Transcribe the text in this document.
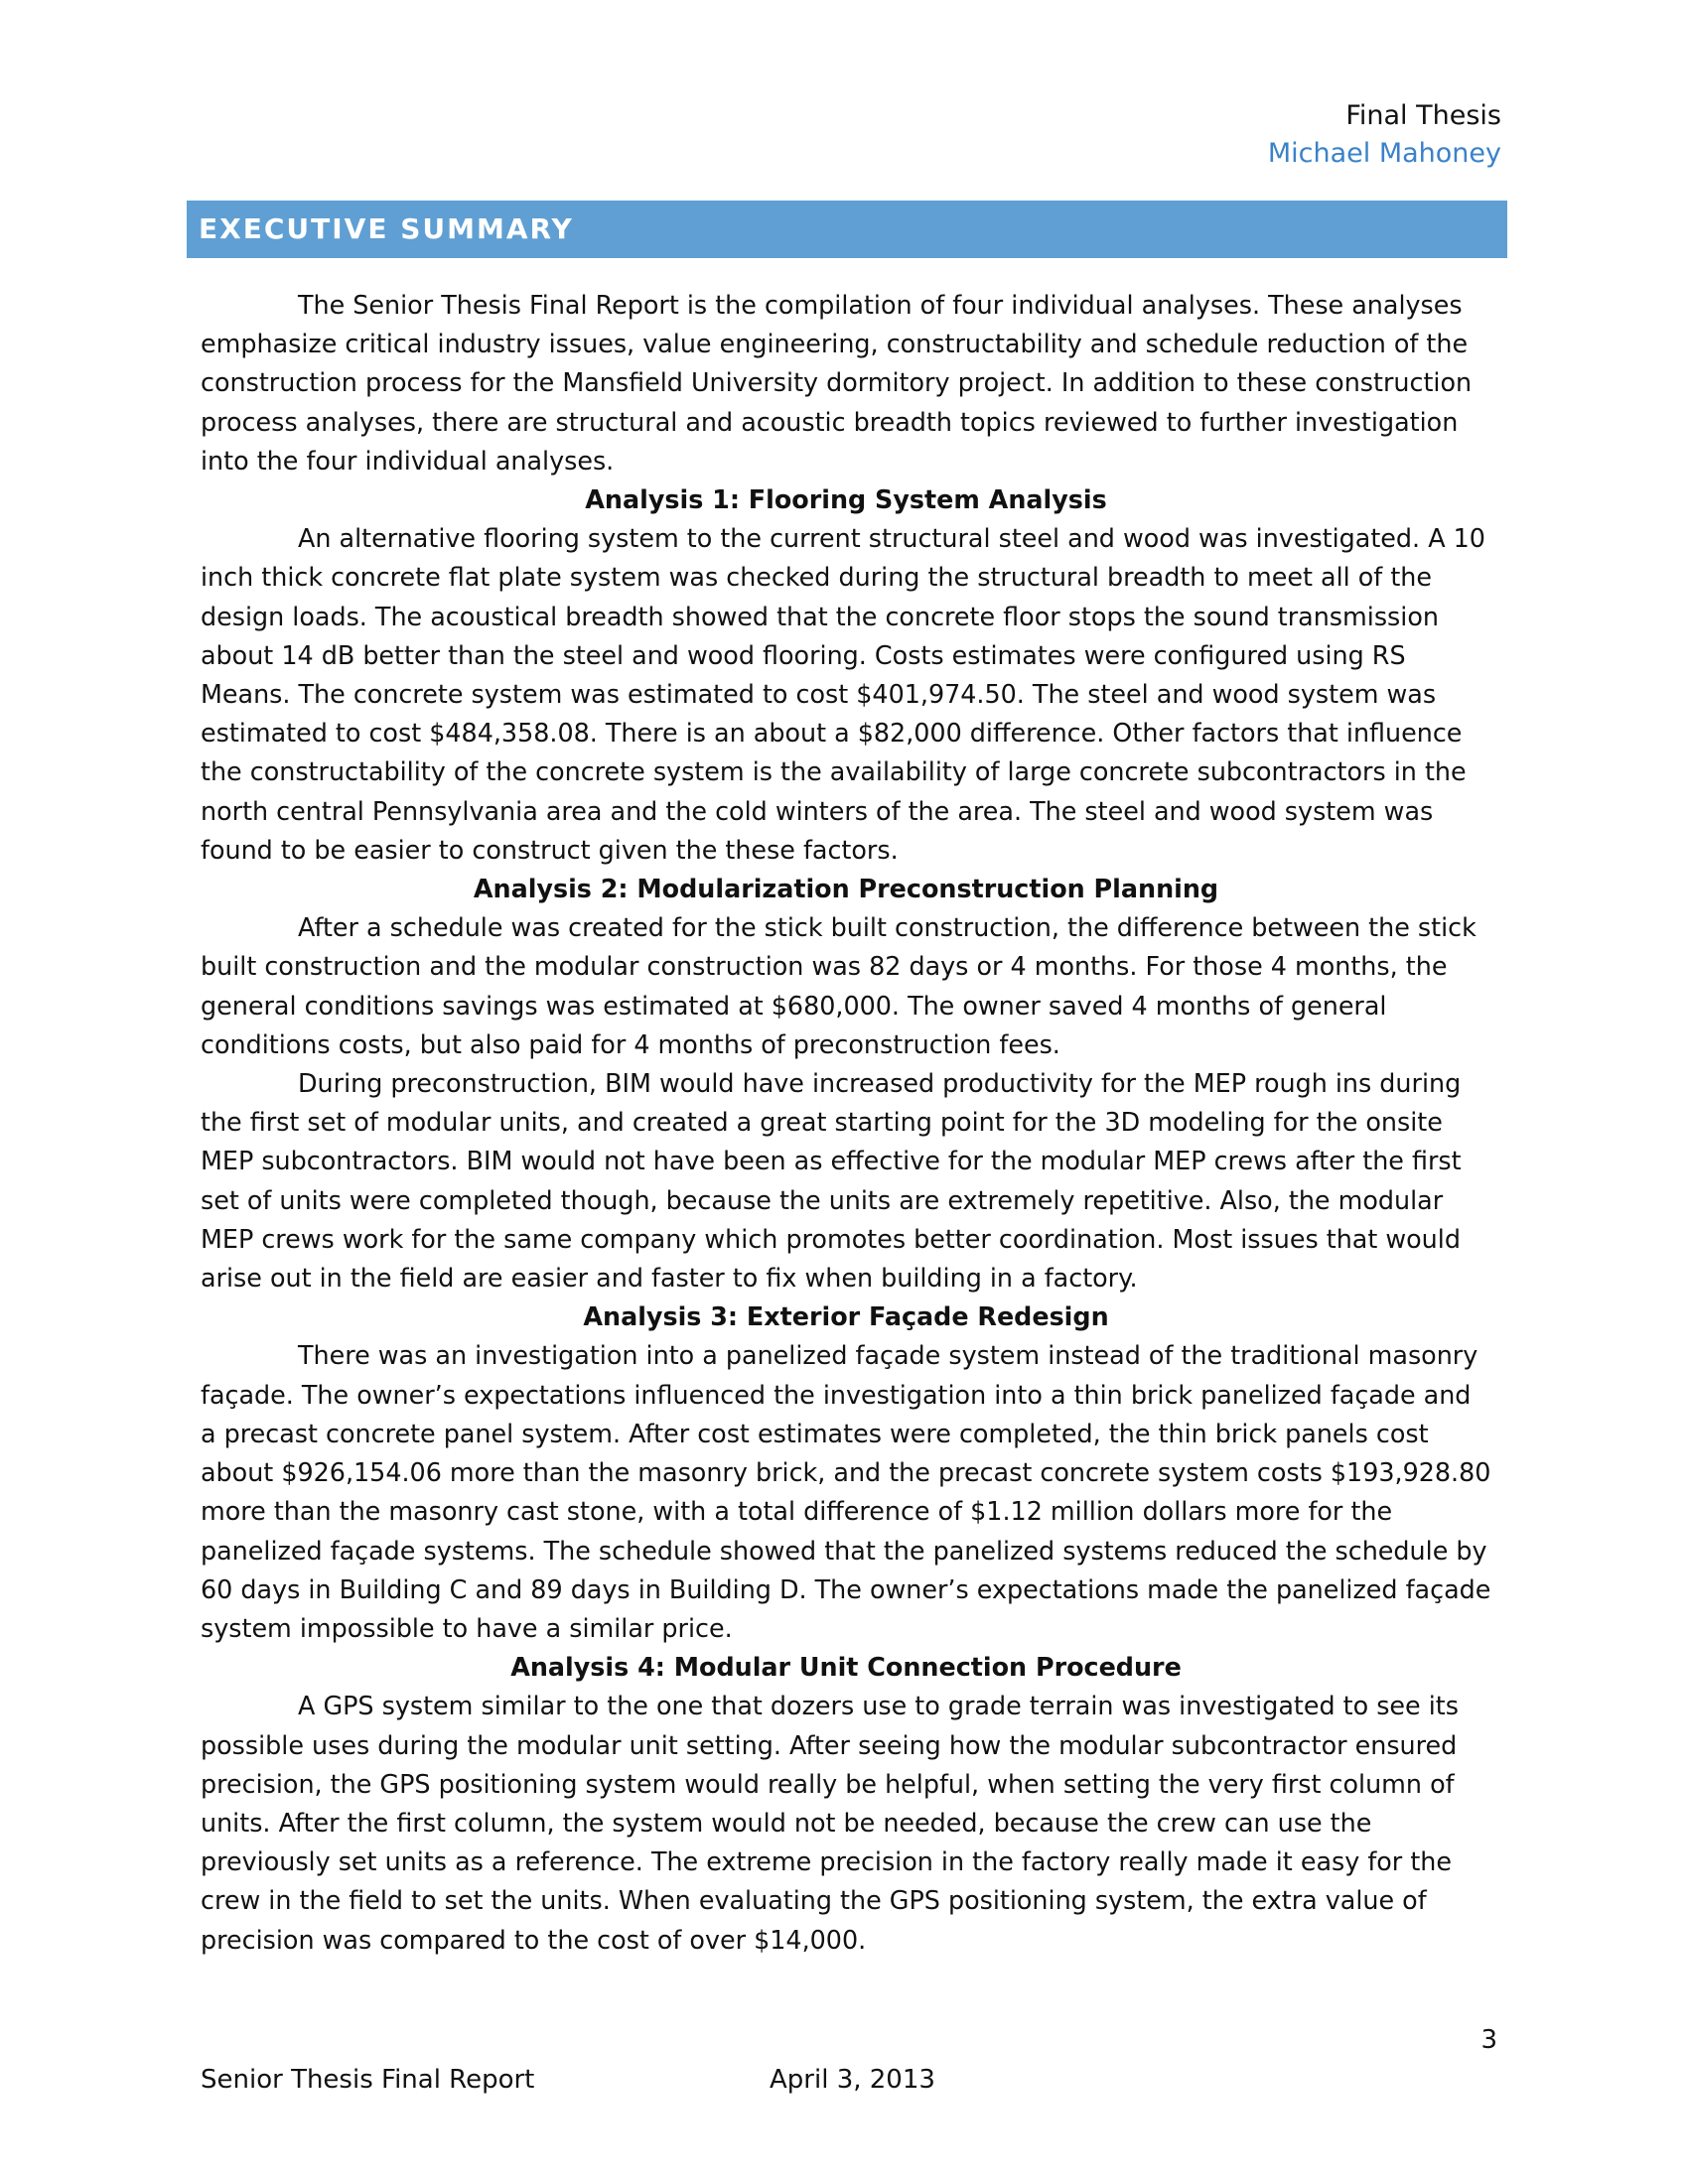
Final Thesis
Michael Mahoney
EXECUTIVE SUMMARY

The Senior Thesis Final Report is the compilation of four individual analyses. These analyses emphasize critical industry issues, value engineering, constructability and schedule reduction of the construction process for the Mansfield University dormitory project. In addition to these construction process analyses, there are structural and acoustic breadth topics reviewed to further investigation into the four individual analyses.

Analysis 1: Flooring System Analysis

An alternative flooring system to the current structural steel and wood was investigated. A 10 inch thick concrete flat plate system was checked during the structural breadth to meet all of the design loads. The acoustical breadth showed that the concrete floor stops the sound transmission about 14 dB better than the steel and wood flooring. Costs estimates were configured using RS Means. The concrete system was estimated to cost $401,974.50. The steel and wood system was estimated to cost $484,358.08. There is an about a $82,000 difference. Other factors that influence the constructability of the concrete system is the availability of large concrete subcontractors in the north central Pennsylvania area and the cold winters of the area. The steel and wood system was found to be easier to construct given the these factors.

Analysis 2: Modularization Preconstruction Planning

After a schedule was created for the stick built construction, the difference between the stick built construction and the modular construction was 82 days or 4 months. For those 4 months, the general conditions savings was estimated at $680,000. The owner saved 4 months of general conditions costs, but also paid for 4 months of preconstruction fees.

During preconstruction, BIM would have increased productivity for the MEP rough ins during the first set of modular units, and created a great starting point for the 3D modeling for the onsite MEP subcontractors. BIM would not have been as effective for the modular MEP crews after the first set of units were completed though, because the units are extremely repetitive. Also, the modular MEP crews work for the same company which promotes better coordination. Most issues that would arise out in the field are easier and faster to fix when building in a factory.

Analysis 3: Exterior Façade Redesign

There was an investigation into a panelized façade system instead of the traditional masonry façade. The owner’s expectations influenced the investigation into a thin brick panelized façade and a precast concrete panel system. After cost estimates were completed, the thin brick panels cost about $926,154.06 more than the masonry brick, and the precast concrete system costs $193,928.80 more than the masonry cast stone, with a total difference of $1.12 million dollars more for the panelized façade systems. The schedule showed that the panelized systems reduced the schedule by 60 days in Building C and 89 days in Building D. The owner’s expectations made the panelized façade system impossible to have a similar price.

Analysis 4: Modular Unit Connection Procedure

A GPS system similar to the one that dozers use to grade terrain was investigated to see its possible uses during the modular unit setting. After seeing how the modular subcontractor ensured precision, the GPS positioning system would really be helpful, when setting the very first column of units. After the first column, the system would not be needed, because the crew can use the previously set units as a reference. The extreme precision in the factory really made it easy for the crew in the field to set the units. When evaluating the GPS positioning system, the extra value of precision was compared to the cost of over $14,000.

3
Senior Thesis Final Report	April 3, 2013
